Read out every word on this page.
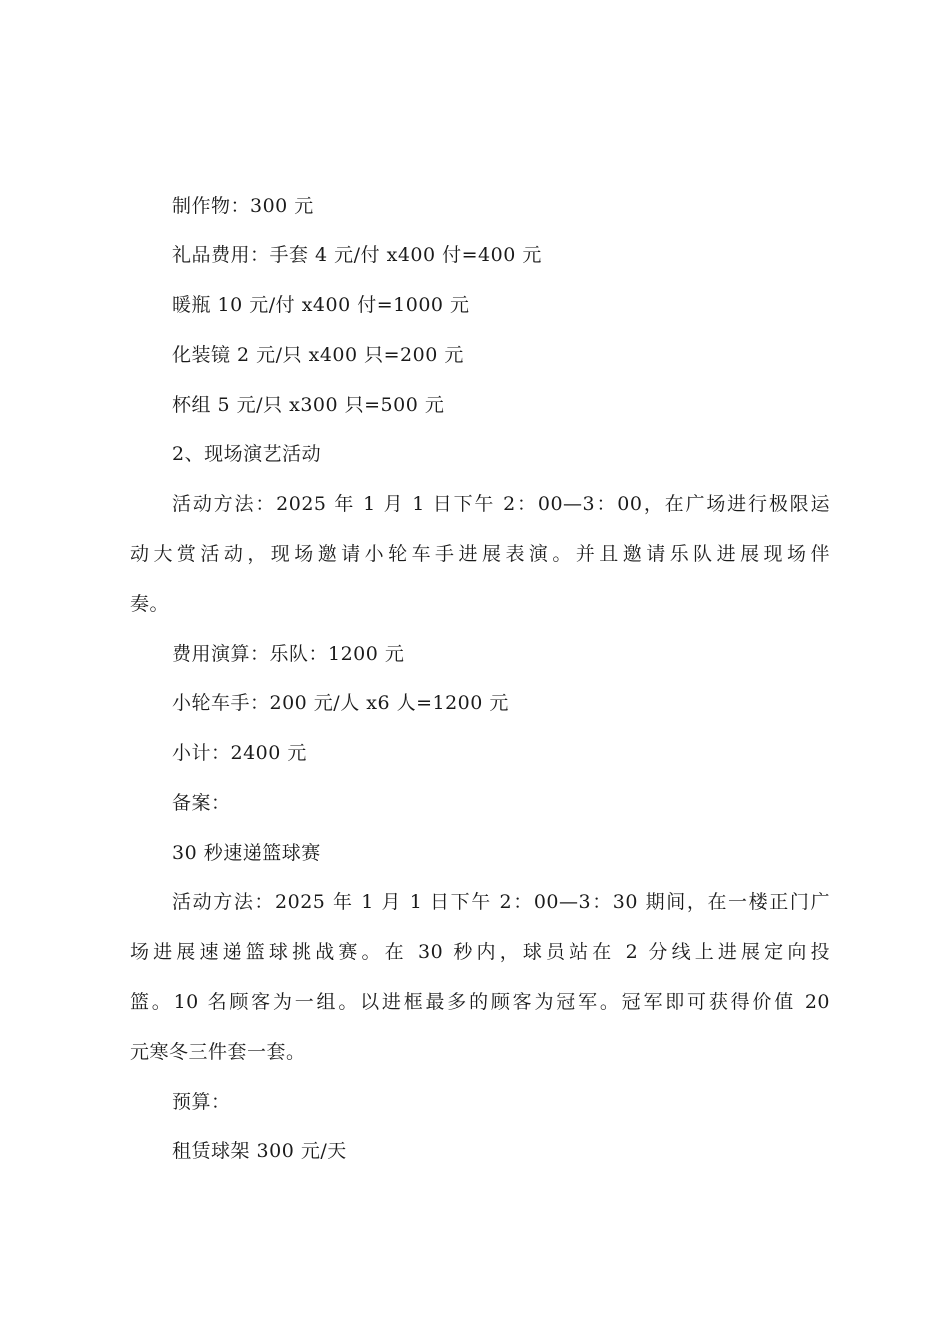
制作物：300 元
礼品费用：手套 4 元/付 x400 付=400 元
暖瓶 10 元/付 x400 付=1000 元
化装镜 2 元/只 x400 只=200 元
杯组 5 元/只 x300 只=500 元
2、现场演艺活动
活动方法：2025 年 1 月 1 日下午 2：00—3：00，在广场进行极限运
动大赏活动，现场邀请小轮车手进展表演。并且邀请乐队进展现场伴
奏。
费用演算：乐队：1200 元
小轮车手：200 元/人 x6 人=1200 元
小计：2400 元
备案：
30 秒速递篮球赛
活动方法：2025 年 1 月 1 日下午 2：00—3：30 期间，在一楼正门广
场进展速递篮球挑战赛。在 30 秒内，球员站在 2 分线上进展定向投
篮。10 名顾客为一组。以进框最多的顾客为冠军。冠军即可获得价值 20
元寒冬三件套一套。
预算：
租赁球架 300 元/天
